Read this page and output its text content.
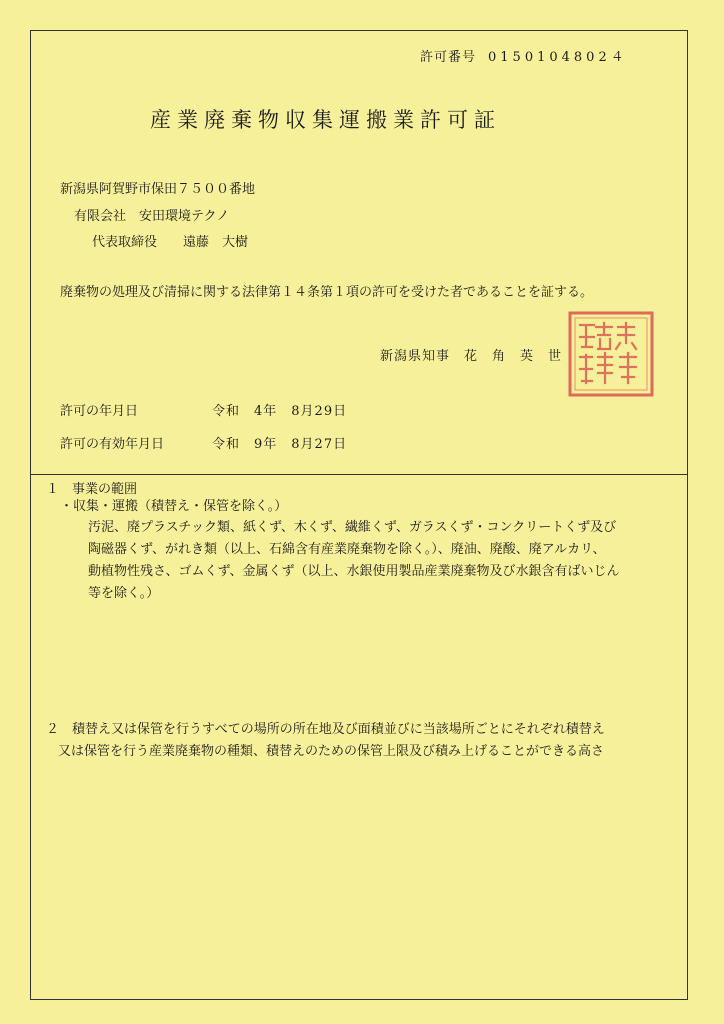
許可番号 0150104802４
産業廃棄物収集運搬業許可証
新潟県阿賀野市保田７５００番地
有限会社　安田環境テクノ
代表取締役　　遠藤　大樹
廃棄物の処理及び清掃に関する法律第１４条第１項の許可を受けた者であることを証する。
新潟県知事　花　角　英　世
許可の年月日	令和　4年　8月29日
許可の有効年月日	令和　9年　8月27日
１　事業の範囲
・収集・運搬（積替え・保管を除く。）
汚泥、廃プラスチック類、紙くず、木くず、繊維くず、ガラスくず・コンクリートくず及び
陶磁器くず、がれき類（以上、石綿含有産業廃棄物を除く。）、廃油、廃酸、廃アルカリ、
動植物性残さ、ゴムくず、金属くず（以上、水銀使用製品産業廃棄物及び水銀含有ばいじん
等を除く。）
２　積替え又は保管を行うすべての場所の所在地及び面積並びに当該場所ごとにそれぞれ積替え
又は保管を行う産業廃棄物の種類、積替えのための保管上限及び積み上げることができる高さ
